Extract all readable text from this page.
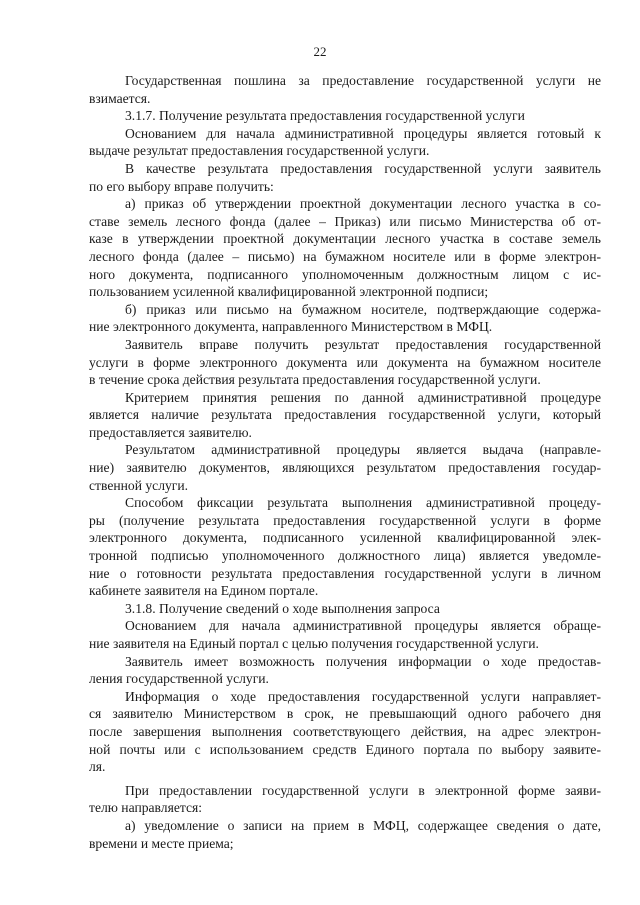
22
Государственная пошлина за предоставление государственной услуги не
взимается.
3.1.7. Получение результата предоставления государственной услуги
Основанием для начала административной процедуры является готовый к
выдаче результат предоставления государственной услуги.
В качестве результата предоставления государственной услуги заявитель
по его выбору вправе получить:
а) приказ об утверждении проектной документации лесного участка в со-
ставе земель лесного фонда (далее – Приказ) или письмо Министерства об от-
казе в утверждении проектной документации лесного участка в составе земель
лесного фонда (далее – письмо) на бумажном носителе или в форме электрон-
ного документа, подписанного уполномоченным должностным лицом с ис-
пользованием усиленной квалифицированной электронной подписи;
б) приказ или письмо на бумажном носителе, подтверждающие содержа-
ние электронного документа, направленного Министерством в МФЦ.
Заявитель вправе получить результат предоставления государственной
услуги в форме электронного документа или документа на бумажном носителе
в течение срока действия результата предоставления государственной услуги.
Критерием принятия решения по данной административной процедуре
является наличие результата предоставления государственной услуги, который
предоставляется заявителю.
Результатом административной процедуры является выдача (направле-
ние) заявителю документов, являющихся результатом предоставления государ-
ственной услуги.
Способом фиксации результата выполнения административной процеду-
ры (получение результата предоставления государственной услуги в форме
электронного документа, подписанного усиленной квалифицированной элек-
тронной подписью уполномоченного должностного лица) является уведомле-
ние о готовности результата предоставления государственной услуги в личном
кабинете заявителя на Едином портале.
3.1.8. Получение сведений о ходе выполнения запроса
Основанием для начала административной процедуры является обраще-
ние заявителя на Единый портал с целью получения государственной услуги.
Заявитель имеет возможность получения информации о ходе предостав-
ления государственной услуги.
Информация о ходе предоставления государственной услуги направляет-
ся заявителю Министерством в срок, не превышающий одного рабочего дня
после завершения выполнения соответствующего действия, на адрес электрон-
ной почты или с использованием средств Единого портала по выбору заявите-
ля.
При предоставлении государственной услуги в электронной форме заяви-
телю направляется:
а) уведомление о записи на прием в МФЦ, содержащее сведения о дате,
времени и месте приема;
